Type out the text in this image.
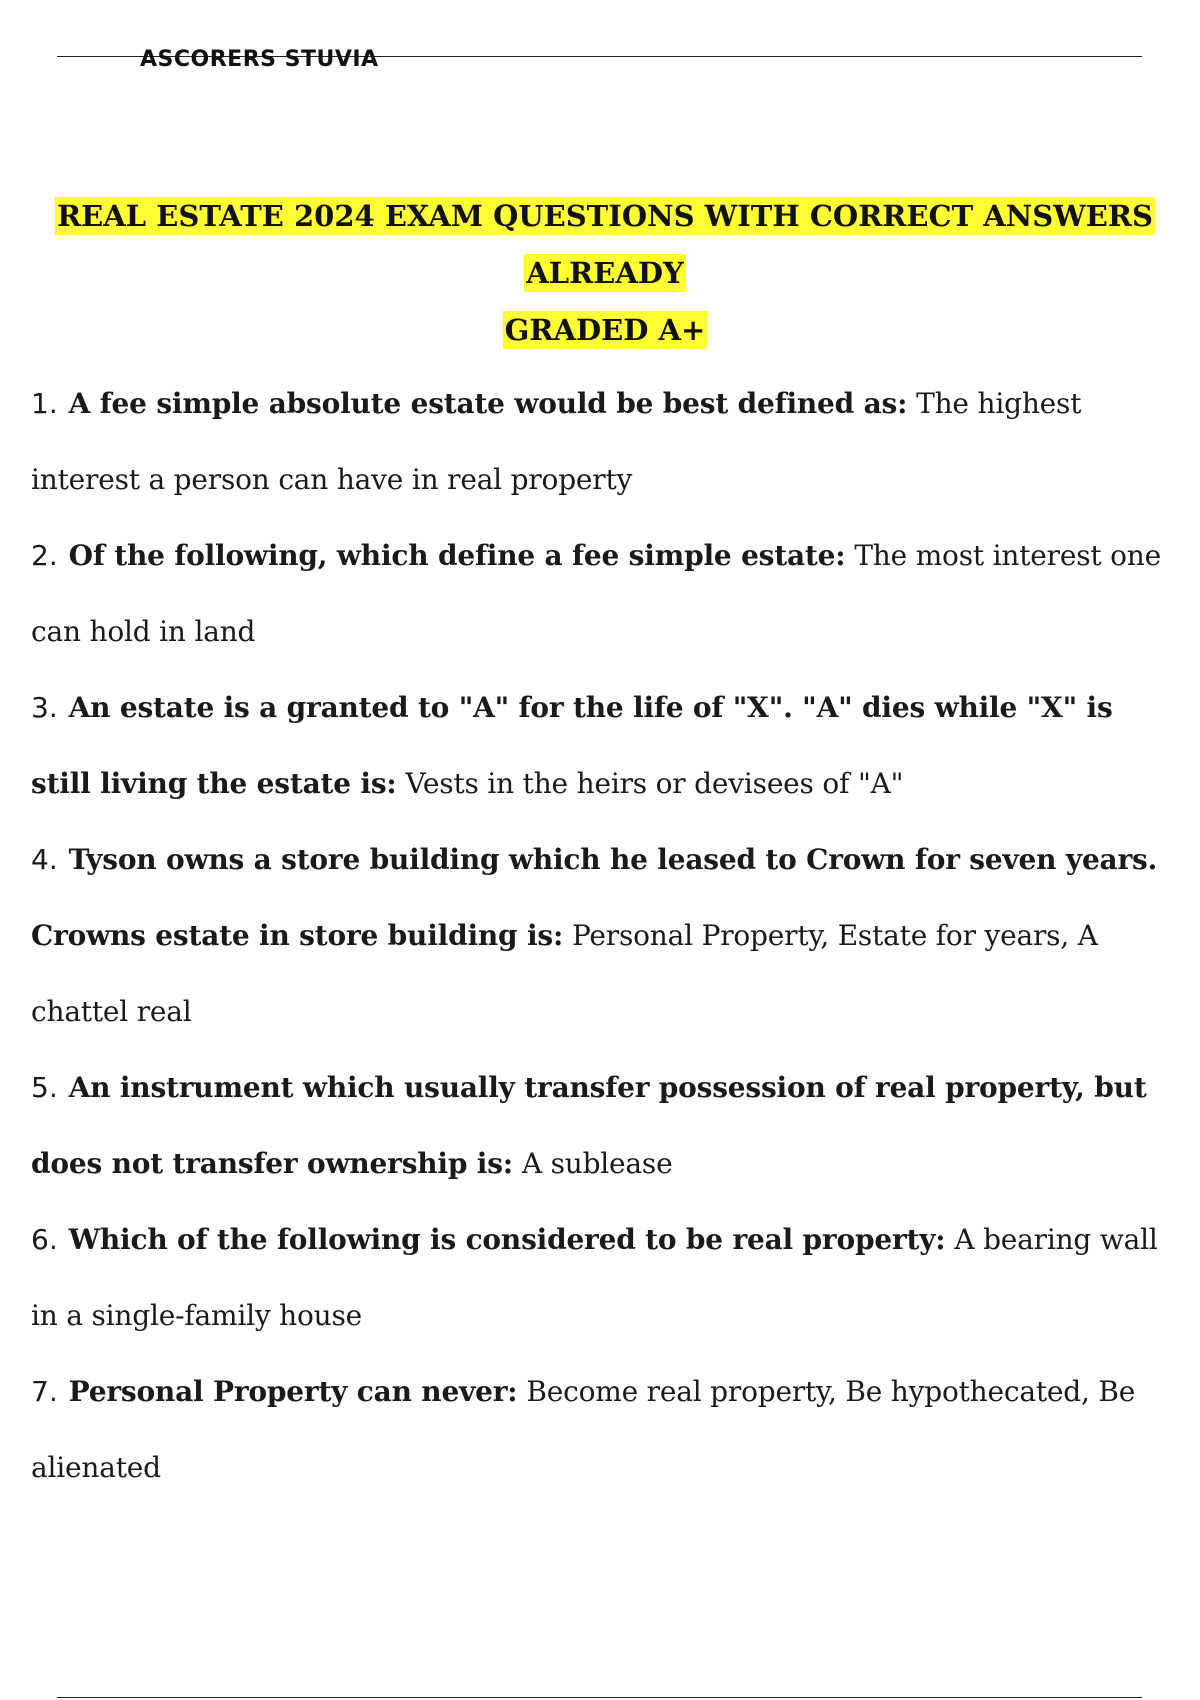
ASCORERS STUVIA
REAL ESTATE 2024 EXAM QUESTIONS WITH CORRECT ANSWERS ALREADY
GRADED A+
1. A fee simple absolute estate would be best defined as: The highest interest a person can have in real property
2. Of the following, which define a fee simple estate: The most interest one can hold in land
3. An estate is a granted to "A" for the life of "X". "A" dies while "X" is still living the estate is: Vests in the heirs or devisees of "A"
4. Tyson owns a store building which he leased to Crown for seven years. Crowns estate in store building is: Personal Property, Estate for years, A chattel real
5. An instrument which usually transfer possession of real property, but does not transfer ownership is: A sublease
6. Which of the following is considered to be real property: A bearing wall in a single-family house
7. Personal Property can never: Become real property, Be hypothecated, Be alienated
